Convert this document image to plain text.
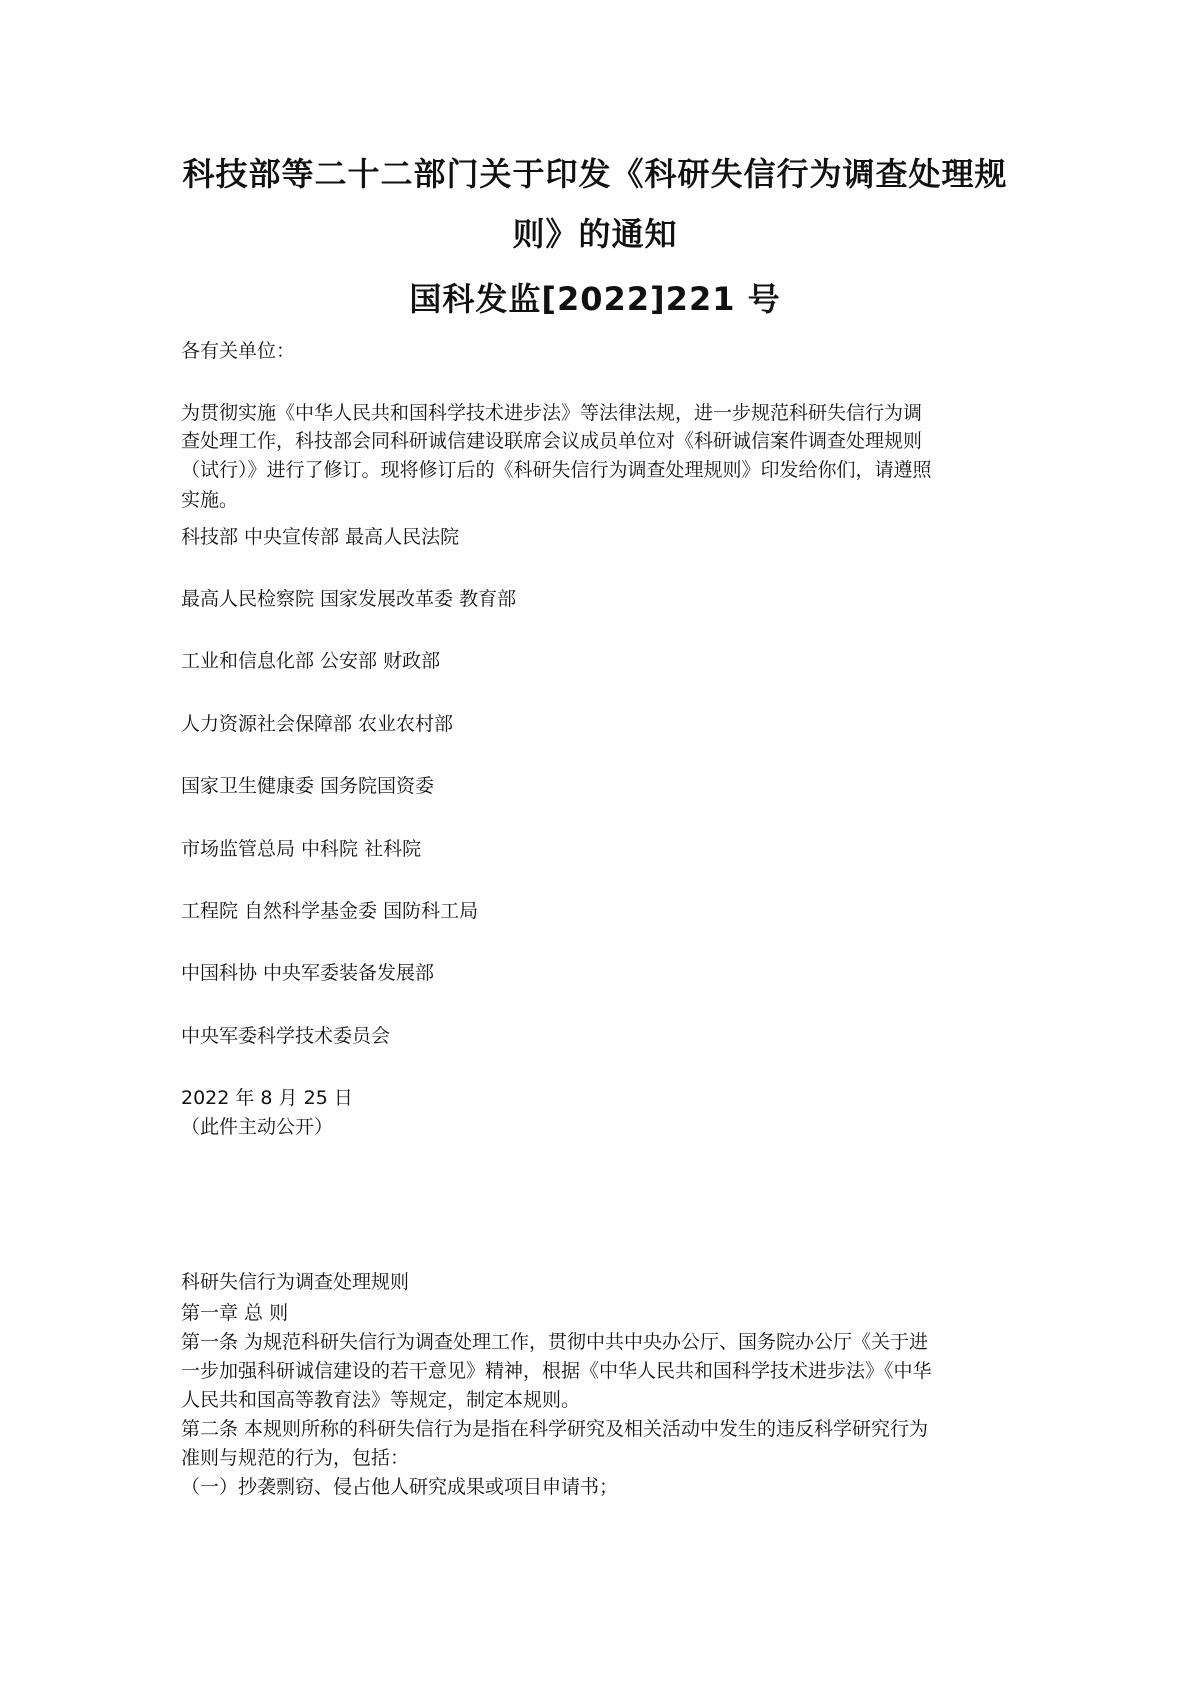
科技部等二十二部门关于印发《科研失信行为调查处理规
则》的通知
国科发监[2022]221 号
各有关单位：
为贯彻实施《中华人民共和国科学技术进步法》等法律法规，进一步规范科研失信行为调
查处理工作，科技部会同科研诚信建设联席会议成员单位对《科研诚信案件调查处理规则
（试行）》进行了修订。现将修订后的《科研失信行为调查处理规则》印发给你们，请遵照
实施。
科技部 中央宣传部 最高人民法院
最高人民检察院 国家发展改革委 教育部
工业和信息化部 公安部 财政部
人力资源社会保障部 农业农村部
国家卫生健康委 国务院国资委
市场监管总局 中科院 社科院
工程院 自然科学基金委 国防科工局
中国科协 中央军委装备发展部
中央军委科学技术委员会
2022 年 8 月 25 日
（此件主动公开）
科研失信行为调查处理规则
第一章 总 则
第一条 为规范科研失信行为调查处理工作，贯彻中共中央办公厅、国务院办公厅《关于进
一步加强科研诚信建设的若干意见》精神，根据《中华人民共和国科学技术进步法》《中华
人民共和国高等教育法》等规定，制定本规则。
第二条 本规则所称的科研失信行为是指在科学研究及相关活动中发生的违反科学研究行为
准则与规范的行为，包括：
（一）抄袭剽窃、侵占他人研究成果或项目申请书；
